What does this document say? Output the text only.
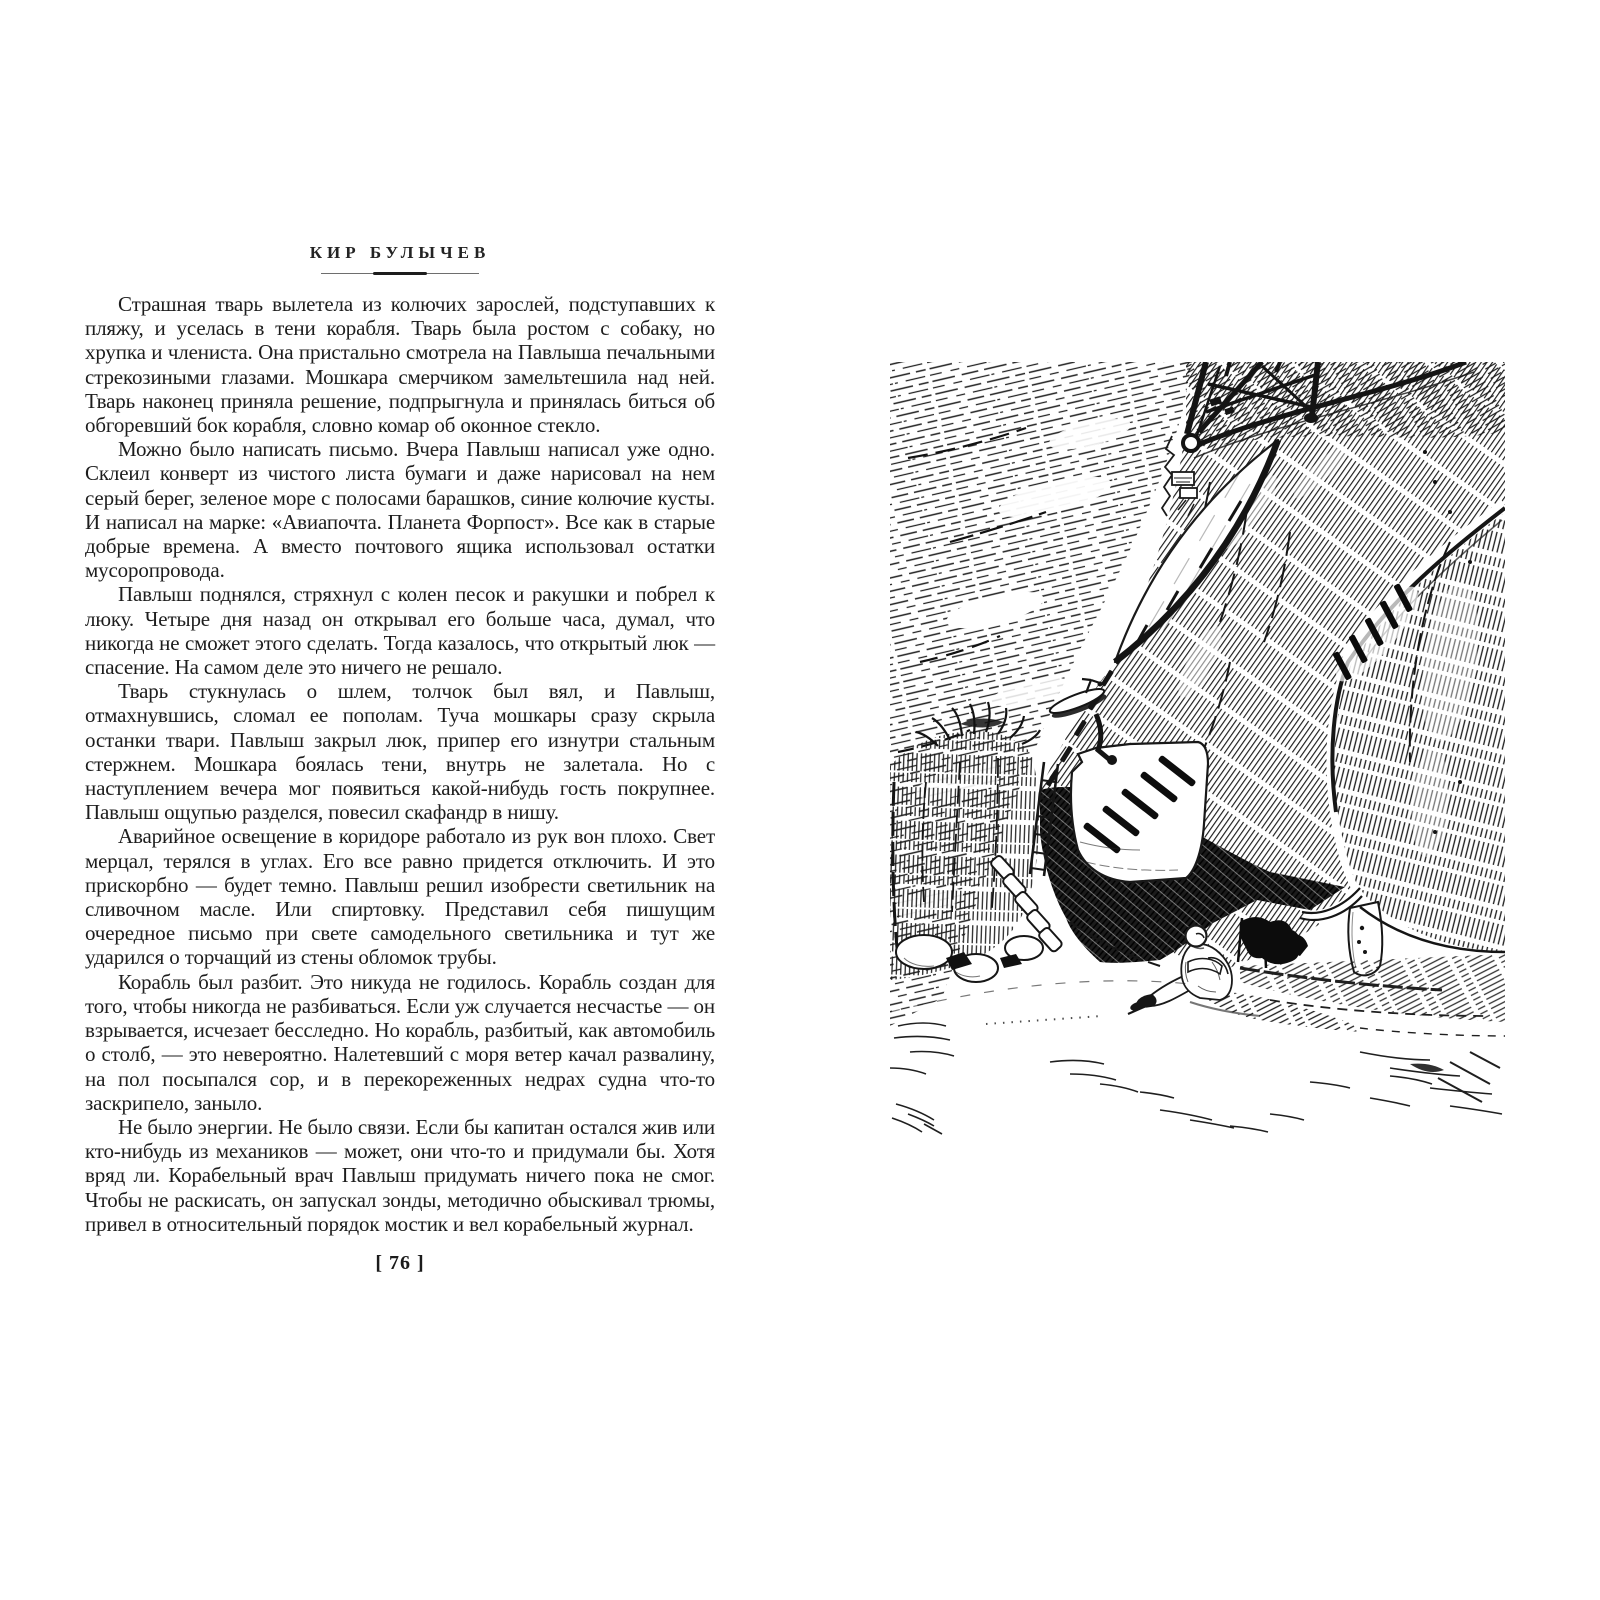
КИР БУЛЫЧЕВ

Страшная тварь вылетела из колючих зарослей, подступавших к пляжу, и уселась в тени корабля. Тварь была ростом с собаку, но хрупка и члениста. Она пристально смотрела на Павлыша печальными стрекозиными глазами. Мошкара смерчиком замельтешила над ней. Тварь наконец приняла решение, подпрыгнула и принялась биться об обгоревший бок корабля, словно комар об оконное стекло.

Можно было написать письмо. Вчера Павлыш написал уже одно. Склеил конверт из чистого листа бумаги и даже нарисовал на нем серый берег, зеленое море с полосами барашков, синие колючие кусты. И написал на марке: «Авиапочта. Планета Форпост». Все как в старые добрые времена. А вместо почтового ящика использовал остатки мусоропровода.

Павлыш поднялся, стряхнул с колен песок и ракушки и побрел к люку. Четыре дня назад он открывал его больше часа, думал, что никогда не сможет этого сделать. Тогда казалось, что открытый люк — спасение. На самом деле это ничего не решало.

Тварь стукнулась о шлем, толчок был вял, и Павлыш, отмахнувшись, сломал ее пополам. Туча мошкары сразу скрыла останки твари. Павлыш закрыл люк, припер его изнутри стальным стержнем. Мошкара боялась тени, внутрь не залетала. Но с наступлением вечера мог появиться какой-нибудь гость покрупнее. Павлыш ощупью разделся, повесил скафандр в нишу.

Аварийное освещение в коридоре работало из рук вон плохо. Свет мерцал, терялся в углах. Его все равно придется отключить. И это прискорбно — будет темно. Павлыш решил изобрести светильник на сливочном масле. Или спиртовку. Представил себя пишущим очередное письмо при свете самодельного светильника и тут же ударился о торчащий из стены обломок трубы.

Корабль был разбит. Это никуда не годилось. Корабль создан для того, чтобы никогда не разбиваться. Если уж случается несчастье — он взрывается, исчезает бесследно. Но корабль, разбитый, как автомобиль о столб, — это невероятно. Налетевший с моря ветер качал развалину, на пол посыпался сор, и в перекореженных недрах судна что-то заскрипело, заныло.

Не было энергии. Не было связи. Если бы капитан остался жив или кто-нибудь из механиков — может, они что-то и придумали бы. Хотя вряд ли. Корабельный врач Павлыш придумать ничего пока не смог. Чтобы не раскисать, он запускал зонды, методично обыскивал трюмы, привел в относительный порядок мостик и вел корабельный журнал.

[ 76 ]
